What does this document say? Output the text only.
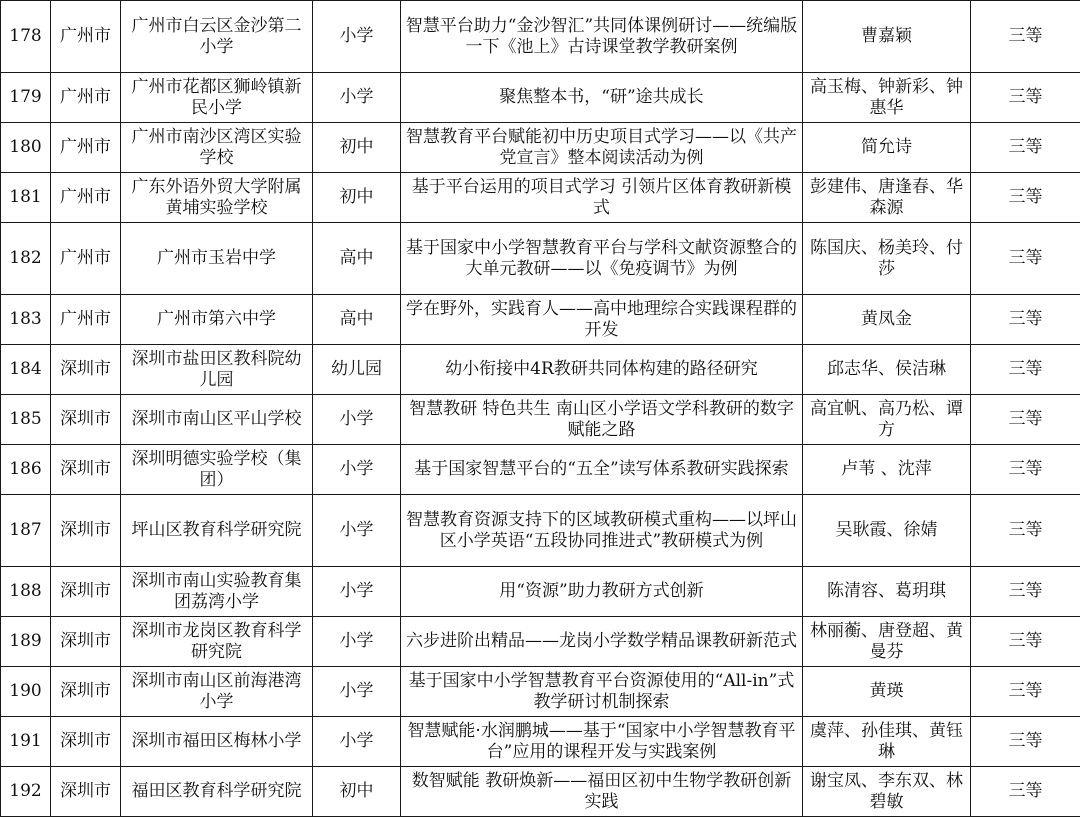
178	广州市	广州市白云区金沙第二小学	小学	智慧平台助力“金沙智汇”共同体课例研讨——统编版一下《池上》古诗课堂教学教研案例	曹嘉颖	三等
179	广州市	广州市花都区狮岭镇新民小学	小学	聚焦整本书，“研”途共成长	高玉梅、钟新彩、钟惠华	三等
180	广州市	广州市南沙区湾区实验学校	初中	智慧教育平台赋能初中历史项目式学习——以《共产党宣言》整本阅读活动为例	简允诗	三等
181	广州市	广东外语外贸大学附属黄埔实验学校	初中	基于平台运用的项目式学习 引领片区体育教研新模式	彭建伟、唐逢春、华森源	三等
182	广州市	广州市玉岩中学	高中	基于国家中小学智慧教育平台与学科文献资源整合的大单元教研——以《免疫调节》为例	陈国庆、杨美玲、付莎	三等
183	广州市	广州市第六中学	高中	学在野外，实践育人——高中地理综合实践课程群的开发	黄凤金	三等
184	深圳市	深圳市盐田区教科院幼儿园	幼儿园	幼小衔接中4R教研共同体构建的路径研究	邱志华、侯洁琳	三等
185	深圳市	深圳市南山区平山学校	小学	智慧教研 特色共生 南山区小学语文学科教研的数字赋能之路	高宜帆、高乃松、谭方	三等
186	深圳市	深圳明德实验学校（集团）	小学	基于国家智慧平台的“五全”读写体系教研实践探索	卢苇 、沈萍	三等
187	深圳市	坪山区教育科学研究院	小学	智慧教育资源支持下的区域教研模式重构——以坪山区小学英语“五段协同推进式”教研模式为例	吴耿霞、徐婧	三等
188	深圳市	深圳市南山实验教育集团荔湾小学	小学	用“资源”助力教研方式创新	陈清容、葛玥琪	三等
189	深圳市	深圳市龙岗区教育科学研究院	小学	六步进阶出精品——龙岗小学数学精品课教研新范式	林丽蘅、唐登超、黄曼芬	三等
190	深圳市	深圳市南山区前海港湾小学	小学	基于国家中小学智慧教育平台资源使用的“All-in”式教学研讨机制探索	黄瑛	三等
191	深圳市	深圳市福田区梅林小学	小学	智慧赋能·水润鹏城——基于“国家中小学智慧教育平台”应用的课程开发与实践案例	虞萍、孙佳琪、黄钰琳	三等
192	深圳市	福田区教育科学研究院	初中	数智赋能 教研焕新——福田区初中生物学教研创新实践	谢宝凤、李东双、林碧敏	三等
